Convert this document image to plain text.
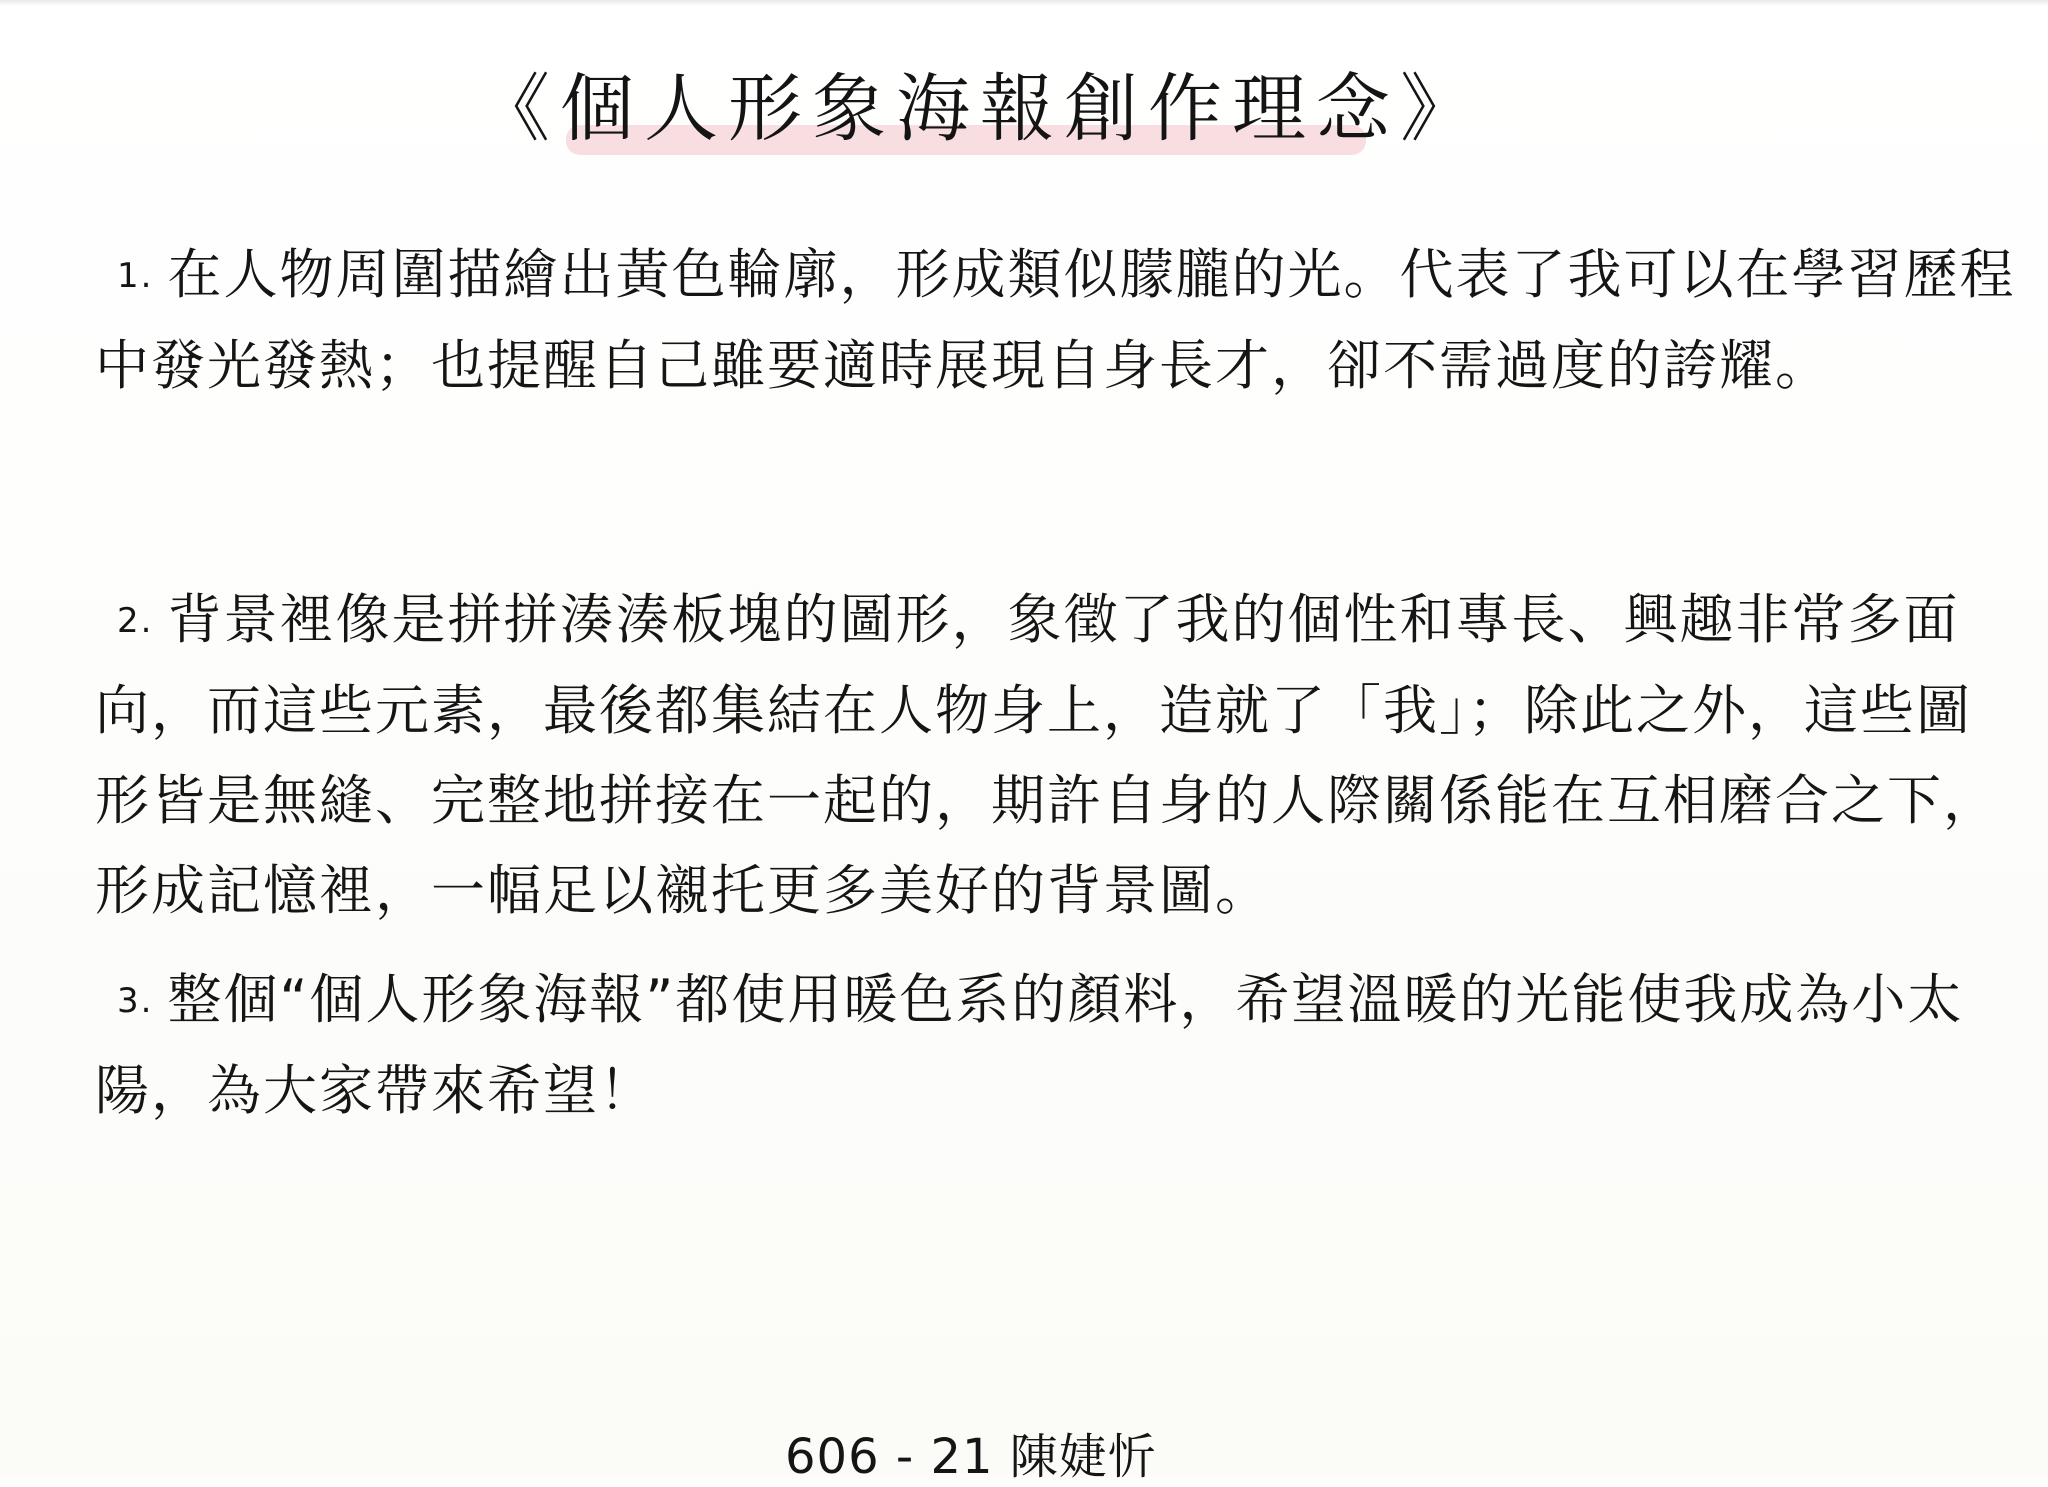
《個人形象海報創作理念》
1. 在人物周圍描繪出黃色輪廓，形成類似朦朧的光。代表了我可以在學習歷程中發光發熱；也提醒自己雖要適時展現自身長才，卻不需過度的誇耀。
2. 背景裡像是拼拼湊湊板塊的圖形，象徵了我的個性和專長、興趣非常多面向，而這些元素，最後都集結在人物身上，造就了「我」；除此之外，這些圖形皆是無縫、完整地拼接在一起的，期許自身的人際關係能在互相磨合之下，形成記憶裡，一幅足以襯托更多美好的背景圖。
3. 整個“個人形象海報”都使用暖色系的顏料，希望溫暖的光能使我成為小太陽，為大家帶來希望！
606 - 21 陳婕忻
